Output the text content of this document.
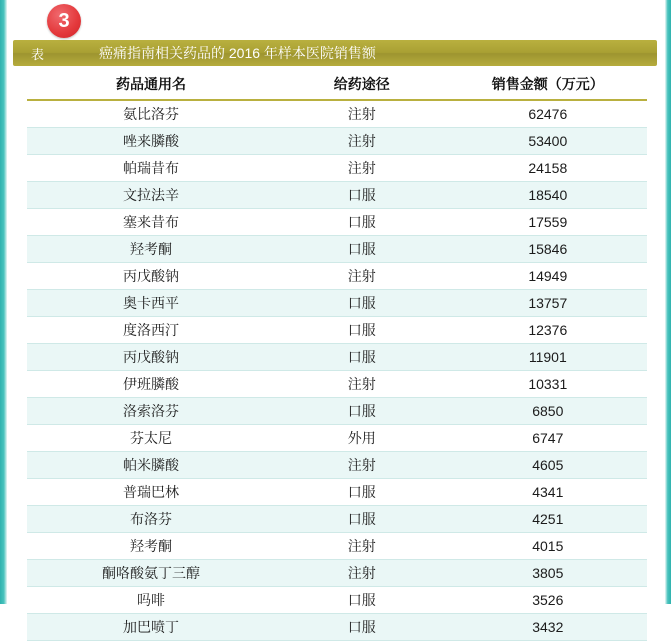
表	癌痛指南相关药品的 2016 年样本医院销售额
3
药品通用名	给药途径	销售金额（万元）
氨比洛芬	注射	62476
唑来膦酸	注射	53400
帕瑞昔布	注射	24158
文拉法辛	口服	18540
塞来昔布	口服	17559
羟考酮	口服	15846
丙戊酸钠	注射	14949
奥卡西平	口服	13757
度洛西汀	口服	12376
丙戊酸钠	口服	11901
伊班膦酸	注射	10331
洛索洛芬	口服	6850
芬太尼	外用	6747
帕米膦酸	注射	4605
普瑞巴林	口服	4341
布洛芬	口服	4251
羟考酮	注射	4015
酮咯酸氨丁三醇	注射	3805
吗啡	口服	3526
加巴喷丁	口服	3432
